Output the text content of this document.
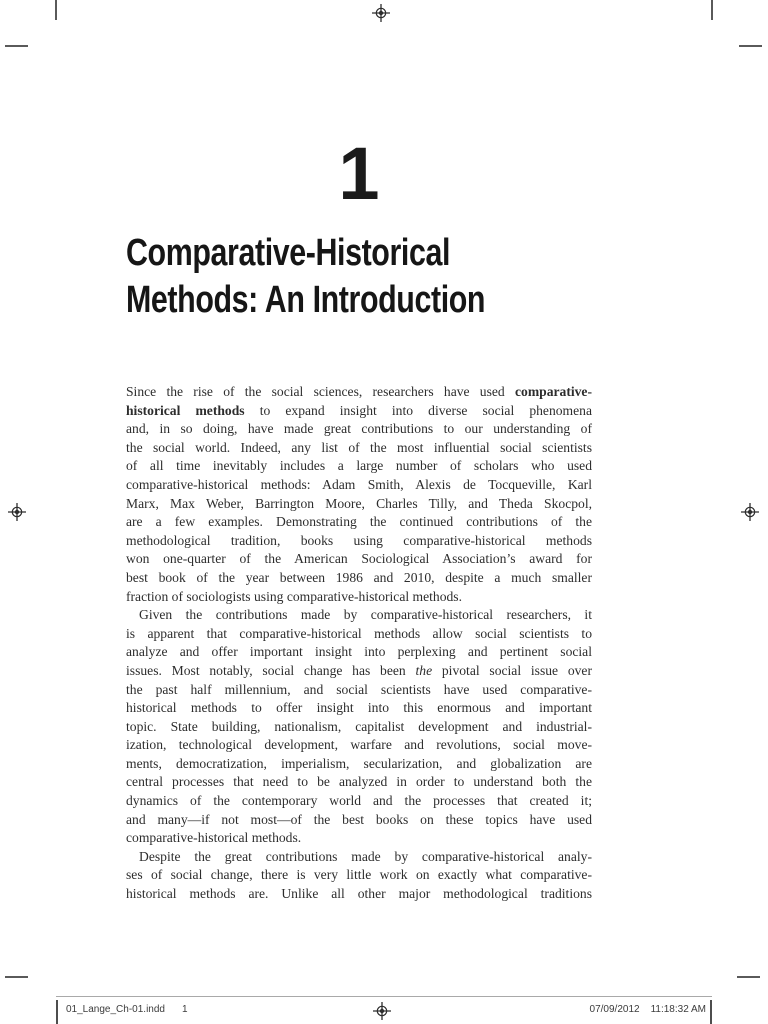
1
Comparative-Historical
Methods: An Introduction
Since the rise of the social sciences, researchers have used comparative-
historical methods to expand insight into diverse social phenomena
and, in so doing, have made great contributions to our understanding of
the social world. Indeed, any list of the most influential social scientists
of all time inevitably includes a large number of scholars who used
comparative-historical methods: Adam Smith, Alexis de Tocqueville, Karl
Marx, Max Weber, Barrington Moore, Charles Tilly, and Theda Skocpol,
are a few examples. Demonstrating the continued contributions of the
methodological tradition, books using comparative-historical methods
won one-quarter of the American Sociological Association’s award for
best book of the year between 1986 and 2010, despite a much smaller
fraction of sociologists using comparative-historical methods.
Given the contributions made by comparative-historical researchers, it
is apparent that comparative-historical methods allow social scientists to
analyze and offer important insight into perplexing and pertinent social
issues. Most notably, social change has been the pivotal social issue over
the past half millennium, and social scientists have used comparative-
historical methods to offer insight into this enormous and important
topic. State building, nationalism, capitalist development and industrial-
ization, technological development, warfare and revolutions, social move-
ments, democratization, imperialism, secularization, and globalization are
central processes that need to be analyzed in order to understand both the
dynamics of the contemporary world and the processes that created it;
and many—if not most—of the best books on these topics have used
comparative-historical methods.
Despite the great contributions made by comparative-historical analy-
ses of social change, there is very little work on exactly what comparative-
historical methods are. Unlike all other major methodological traditions
01_Lange_Ch-01.indd 1	07/09/2012 11:18:32 AM
